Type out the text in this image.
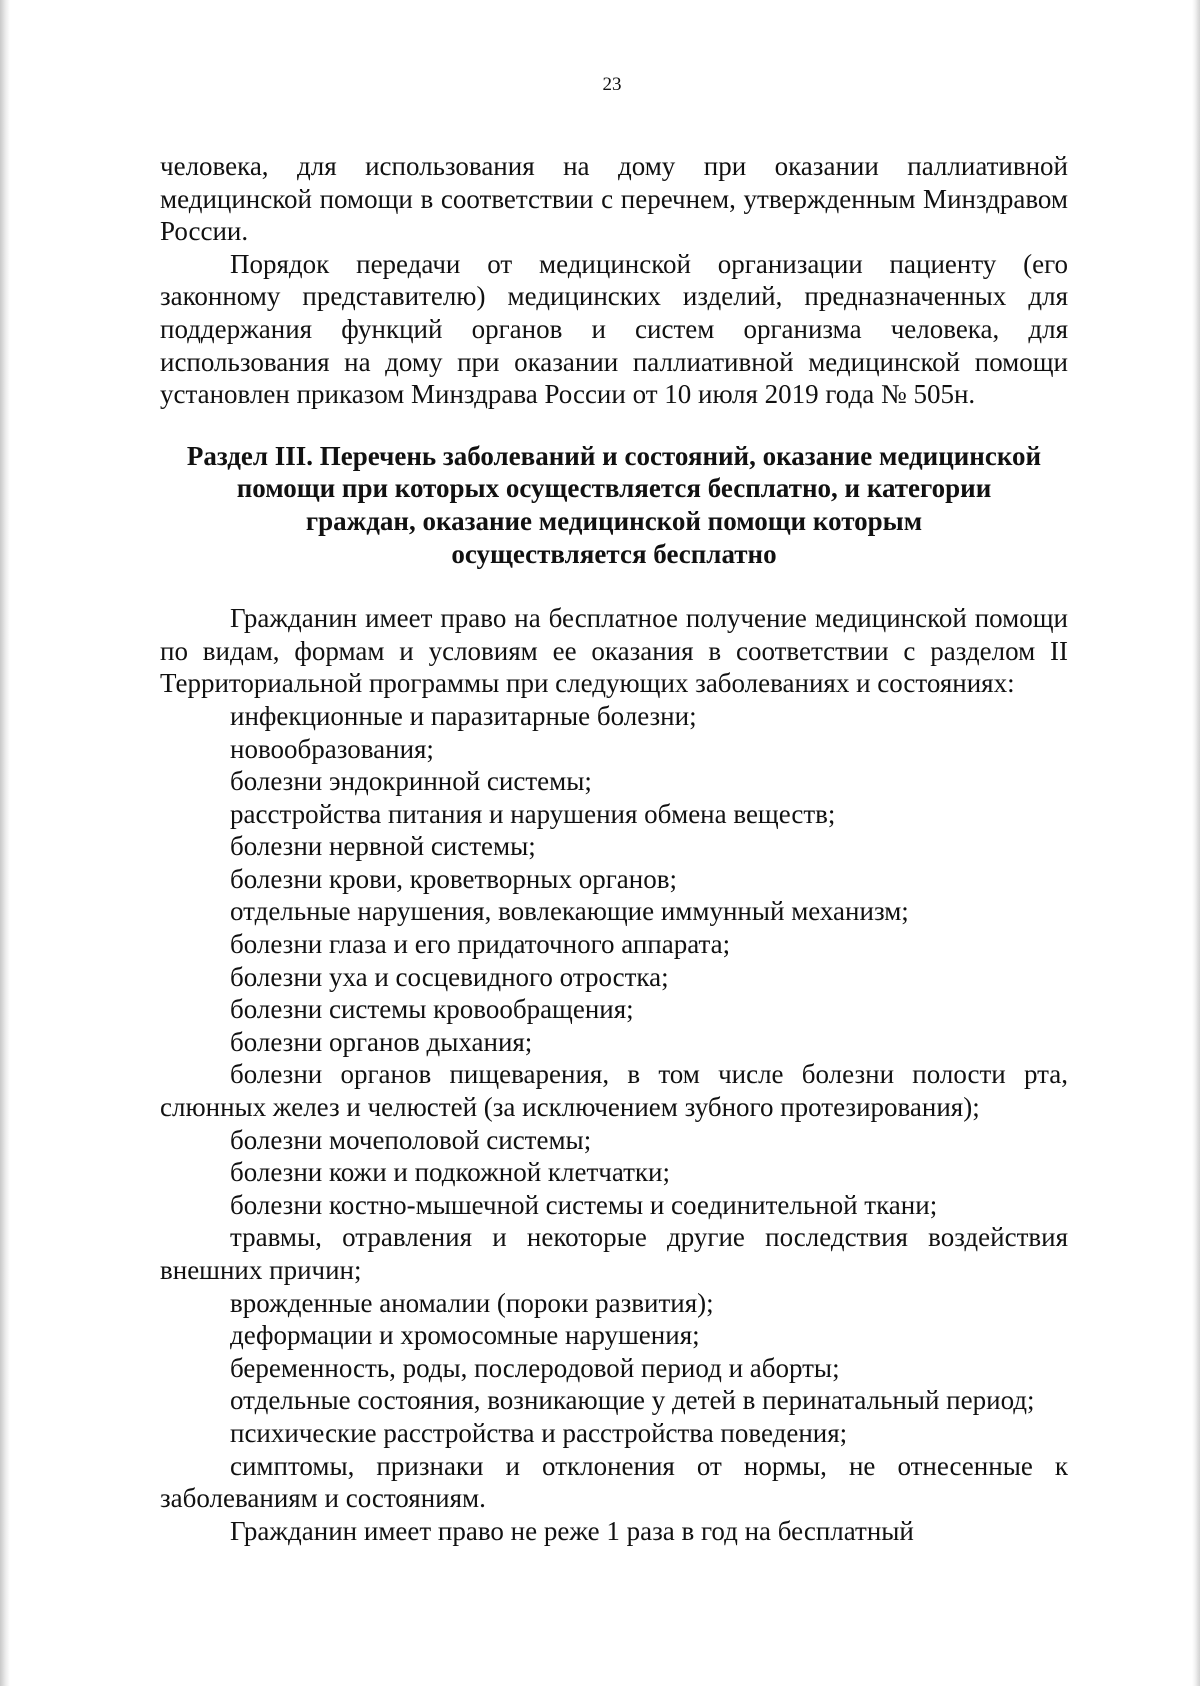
23

человека, для использования на дому при оказании паллиативной медицинской помощи в соответствии с перечнем, утвержденным Минздравом России.

Порядок передачи от медицинской организации пациенту (его законному представителю) медицинских изделий, предназначенных для поддержания функций органов и систем организма человека, для использования на дому при оказании паллиативной медицинской помощи установлен приказом Минздрава России от 10 июля 2019 года № 505н.

Раздел III. Перечень заболеваний и состояний, оказание медицинской
помощи при которых осуществляется бесплатно, и категории
граждан, оказание медицинской помощи которым
осуществляется бесплатно

Гражданин имеет право на бесплатное получение медицинской помощи по видам, формам и условиям ее оказания в соответствии с разделом II Территориальной программы при следующих заболеваниях и состояниях:

инфекционные и паразитарные болезни;

новообразования;

болезни эндокринной системы;

расстройства питания и нарушения обмена веществ;

болезни нервной системы;

болезни крови, кроветворных органов;

отдельные нарушения, вовлекающие иммунный механизм;

болезни глаза и его придаточного аппарата;

болезни уха и сосцевидного отростка;

болезни системы кровообращения;

болезни органов дыхания;

болезни органов пищеварения, в том числе болезни полости рта, слюнных желез и челюстей (за исключением зубного протезирования);

болезни мочеполовой системы;

болезни кожи и подкожной клетчатки;

болезни костно-мышечной системы и соединительной ткани;

травмы, отравления и некоторые другие последствия воздействия внешних причин;

врожденные аномалии (пороки развития);

деформации и хромосомные нарушения;

беременность, роды, послеродовой период и аборты;

отдельные состояния, возникающие у детей в перинатальный период;

психические расстройства и расстройства поведения;

симптомы, признаки и отклонения от нормы, не отнесенные к заболеваниям и состояниям.

Гражданин имеет право не реже 1 раза в год на бесплатный
